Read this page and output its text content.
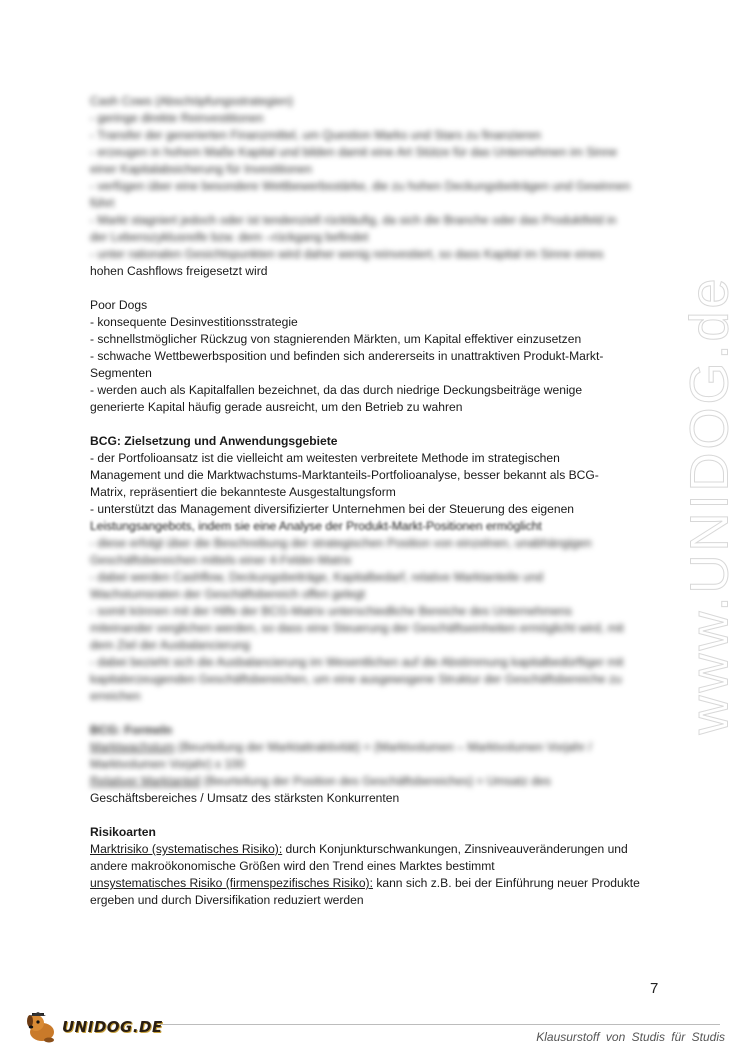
www.UNIDOG.de
Cash Cows (Abschöpfungsstrategien)
- geringe direkte Reinvestitionen
- Transfer der generierten Finanzmittel, um Question Marks und Stars zu finanzieren
- erzeugen in hohem Maße Kapital und bilden damit eine Art Stütze für das Unternehmen im Sinne
einer Kapitalabsicherung für Investitionen
- verfügen über eine besondere Wettbewerbsstärke, die zu hohen Deckungsbeiträgen und Gewinnen
führt
- Markt stagniert jedoch oder ist tendenziell rückläufig, da sich die Branche oder das Produktfeld in
der Lebenszyklusreife bzw. dem –rückgang befindet
- unter rationalen Gesichtspunkten wird daher wenig reinvestiert, so dass Kapital im Sinne eines
hohen Cashflows freigesetzt wird
Poor Dogs
- konsequente Desinvestitionsstrategie
- schnellstmöglicher Rückzug von stagnierenden Märkten, um Kapital effektiver einzusetzen
- schwache Wettbewerbsposition und befinden sich andererseits in unattraktiven Produkt-Markt-
Segmenten
- werden auch als Kapitalfallen bezeichnet, da das durch niedrige Deckungsbeiträge wenige
generierte Kapital häufig gerade ausreicht, um den Betrieb zu wahren
BCG: Zielsetzung und Anwendungsgebiete
- der Portfolioansatz ist die vielleicht am weitesten verbreitete Methode im strategischen
Management und die Marktwachstums-Marktanteils-Portfolioanalyse, besser bekannt als BCG-
Matrix, repräsentiert die bekannteste Ausgestaltungsform
- unterstützt das Management diversifizierter Unternehmen bei der Steuerung des eigenen
Leistungsangebots, indem sie eine Analyse der Produkt-Markt-Positionen ermöglicht
- diese erfolgt über die Beschreibung der strategischen Position von einzelnen, unabhängigen
Geschäftsbereichen mittels einer 4-Felder-Matrix
- dabei werden Cashflow, Deckungsbeiträge, Kapitalbedarf, relative Marktanteile und
Wachstumsraten der Geschäftsbereich offen gelegt
- somit können mit der Hilfe der BCG-Matrix unterschiedliche Bereiche des Unternehmens
miteinander verglichen werden, so dass eine Steuerung der Geschäftseinheiten ermöglicht wird, mit
dem Ziel der Ausbalancierung
- dabei bezieht sich die Ausbalancierung im Wesentlichen auf die Abstimmung kapitalbedürftiger mit
kapitalerzeugenden Geschäftsbereichen, um eine ausgewogene Struktur der Geschäftsbereiche zu
erreichen
BCG: Formeln
Marktwachstum (Beurteilung der Marktattraktivität) = (Marktvolumen – Marktvolumen Vorjahr /
Marktvolumen Vorjahr) x 100
Relativer Marktanteil (Beurteilung der Position des Geschäftsbereiches) = Umsatz des
Geschäftsbereiches / Umsatz des stärksten Konkurrenten
Risikoarten
Marktrisiko (systematisches Risiko): durch Konjunkturschwankungen, Zinsniveauveränderungen und
andere makroökonomische Größen wird den Trend eines Marktes bestimmt
unsystematisches Risiko (firmenspezifisches Risiko): kann sich z.B. bei der Einführung neuer Produkte
ergeben und durch Diversifikation reduziert werden
7
UNIDOG.DE
Klausurstoff von Studis für Studis
